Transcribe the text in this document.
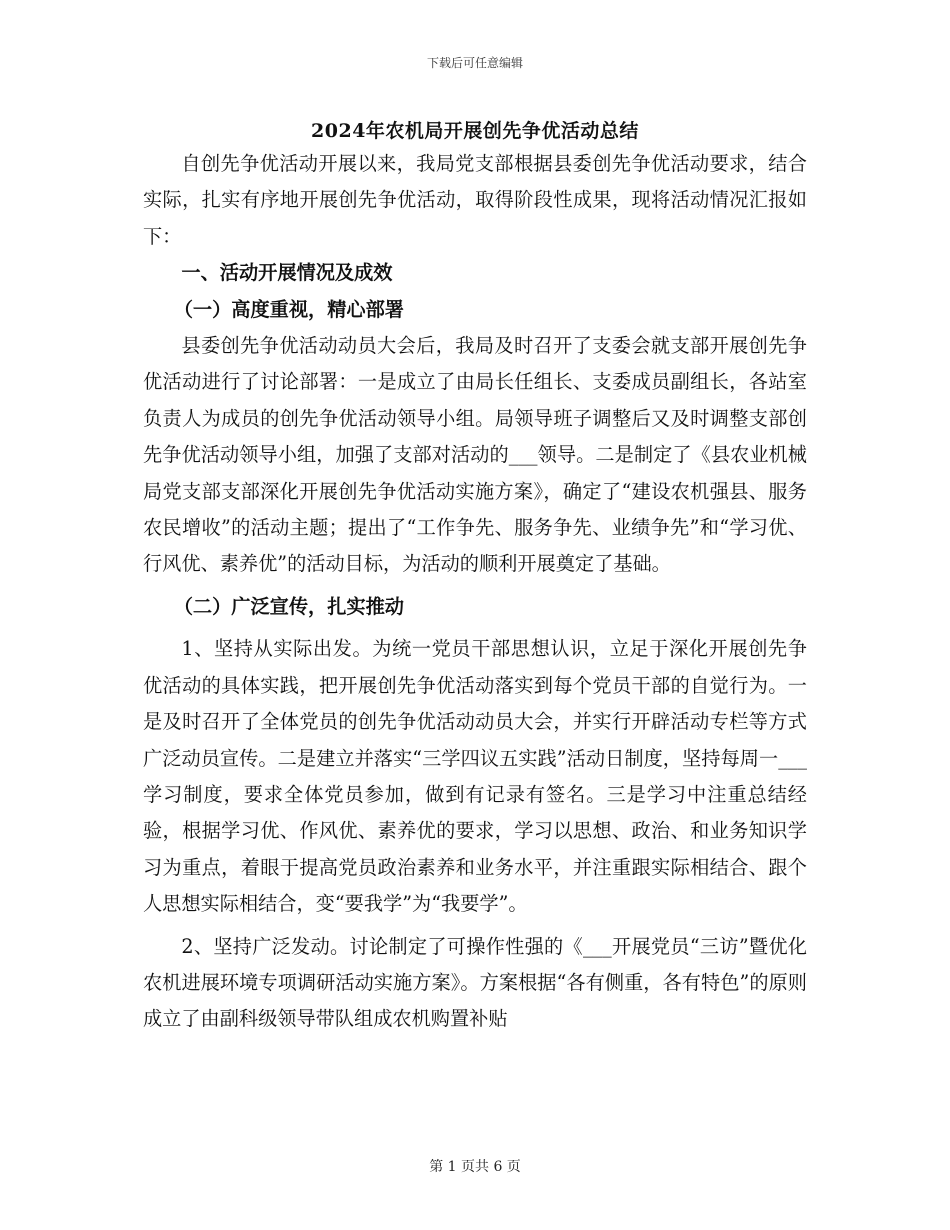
下载后可任意编辑
2024年农机局开展创先争优活动总结

自创先争优活动开展以来，我局党支部根据县委创先争优活动要求，结合实际，扎实有序地开展创先争优活动，取得阶段性成果，现将活动情况汇报如下：

一、活动开展情况及成效

（一）高度重视，精心部署

县委创先争优活动动员大会后，我局及时召开了支委会就支部开展创先争优活动进行了讨论部署：一是成立了由局长任组长、支委成员副组长，各站室负责人为成员的创先争优活动领导小组。局领导班子调整后又及时调整支部创先争优活动领导小组，加强了支部对活动的___领导。二是制定了《县农业机械局党支部支部深化开展创先争优活动实施方案》，确定了“建设农机强县、服务农民增收”的活动主题；提出了“工作争先、服务争先、业绩争先”和“学习优、行风优、素养优”的活动目标，为活动的顺利开展奠定了基础。

（二）广泛宣传，扎实推动

1、坚持从实际出发。为统一党员干部思想认识，立足于深化开展创先争优活动的具体实践，把开展创先争优活动落实到每个党员干部的自觉行为。一是及时召开了全体党员的创先争优活动动员大会，并实行开辟活动专栏等方式广泛动员宣传。二是建立并落实“三学四议五实践”活动日制度，坚持每周一___学习制度，要求全体党员参加，做到有记录有签名。三是学习中注重总结经验，根据学习优、作风优、素养优的要求，学习以思想、政治、和业务知识学习为重点，着眼于提高党员政治素养和业务水平，并注重跟实际相结合、跟个人思想实际相结合，变“要我学”为“我要学”。

2、坚持广泛发动。讨论制定了可操作性强的《___开展党员“三访”暨优化农机进展环境专项调研活动实施方案》。方案根据“各有侧重，各有特色”的原则成立了由副科级领导带队组成农机购置补贴

第 1 页共 6 页
